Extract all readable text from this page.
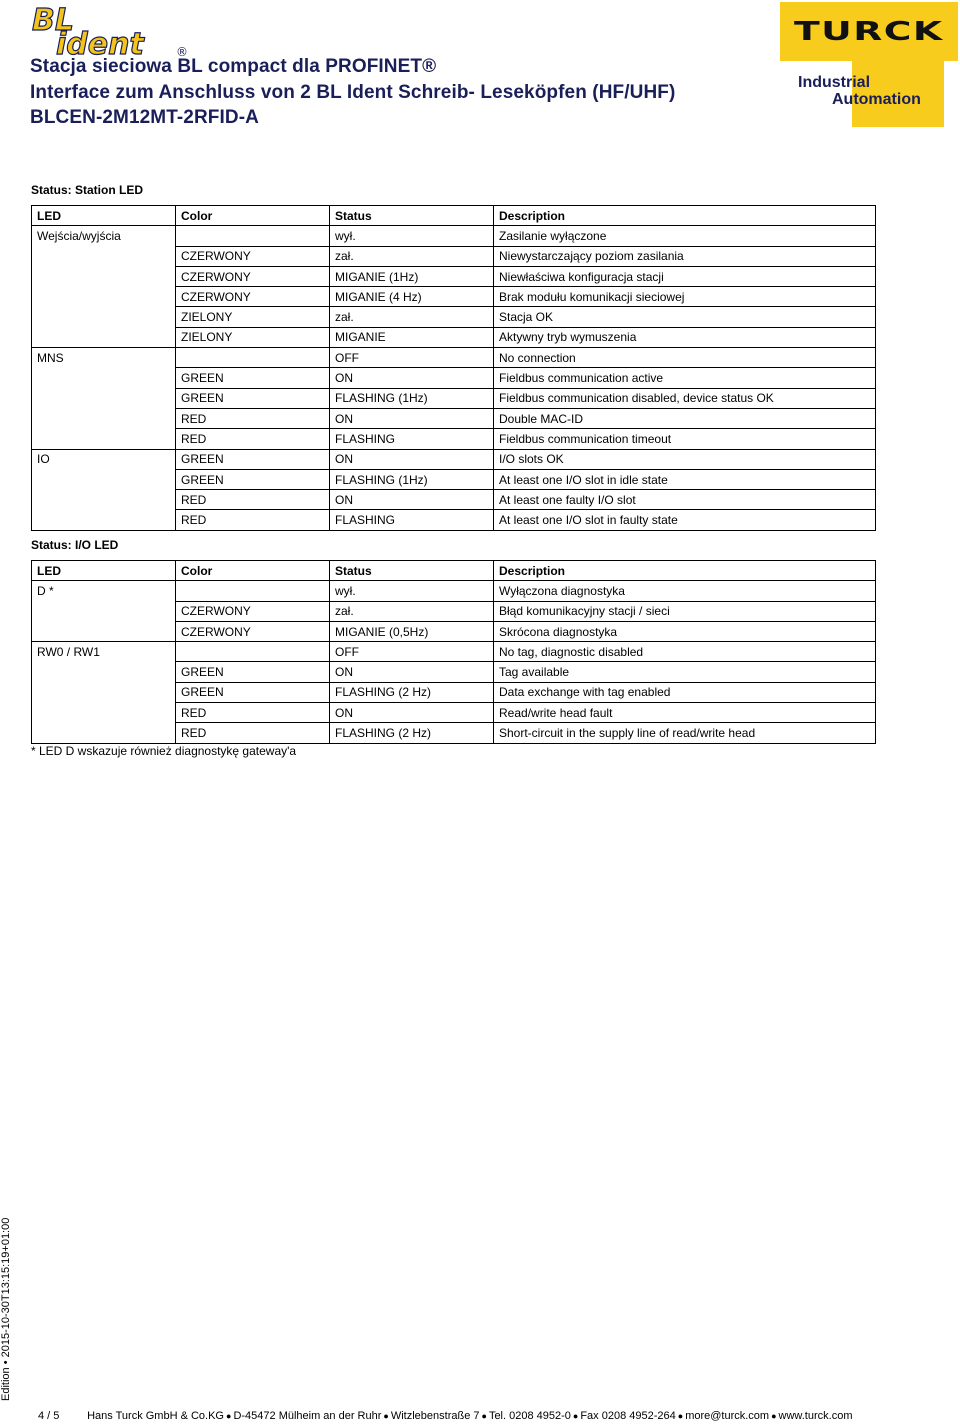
BL
ident	®
Stacja sieciowa BL compact dla PROFINET®
Interface zum Anschluss von 2 BL Ident Schreib- Leseköpfen (HF/UHF)
BLCEN-2M12MT-2RFID-A
TURCK
Industrial
Automation
Status: Station LED
LED	Color	Status	Description
Wejścia/wyjścia		wył.	Zasilanie wyłączone
	CZERWONY	zał.	Niewystarczający poziom zasilania
	CZERWONY	MIGANIE (1Hz)	Niewłaściwa konfiguracja stacji
	CZERWONY	MIGANIE (4 Hz)	Brak modułu komunikacji sieciowej
	ZIELONY	zał.	Stacja OK
	ZIELONY	MIGANIE	Aktywny tryb wymuszenia
MNS		OFF	No connection
	GREEN	ON	Fieldbus communication active
	GREEN	FLASHING (1Hz)	Fieldbus communication disabled, device status OK
	RED	ON	Double MAC-ID
	RED	FLASHING	Fieldbus communication timeout
IO	GREEN	ON	I/O slots OK
	GREEN	FLASHING (1Hz)	At least one I/O slot in idle state
	RED	ON	At least one faulty I/O slot
	RED	FLASHING	At least one I/O slot in faulty state
Status: I/O LED
LED	Color	Status	Description
D *		wył.	Wyłączona diagnostyka
	CZERWONY	zał.	Błąd komunikacyjny stacji / sieci
	CZERWONY	MIGANIE (0,5Hz)	Skrócona diagnostyka
RW0 / RW1		OFF	No tag, diagnostic disabled
	GREEN	ON	Tag available
	GREEN	FLASHING (2 Hz)	Data exchange with tag enabled
	RED	ON	Read/write head fault
	RED	FLASHING (2 Hz)	Short-circuit in the supply line of read/write head
* LED D wskazuje również diagnostykę gateway'a
Edition • 2015-10-30T13:15:19+01:00
4 / 5	Hans Turck GmbH & Co.KG ● D-45472 Mülheim an der Ruhr ● Witzlebenstraße 7 ● Tel. 0208 4952-0 ● Fax 0208 4952-264 ● more@turck.com ● www.turck.com
